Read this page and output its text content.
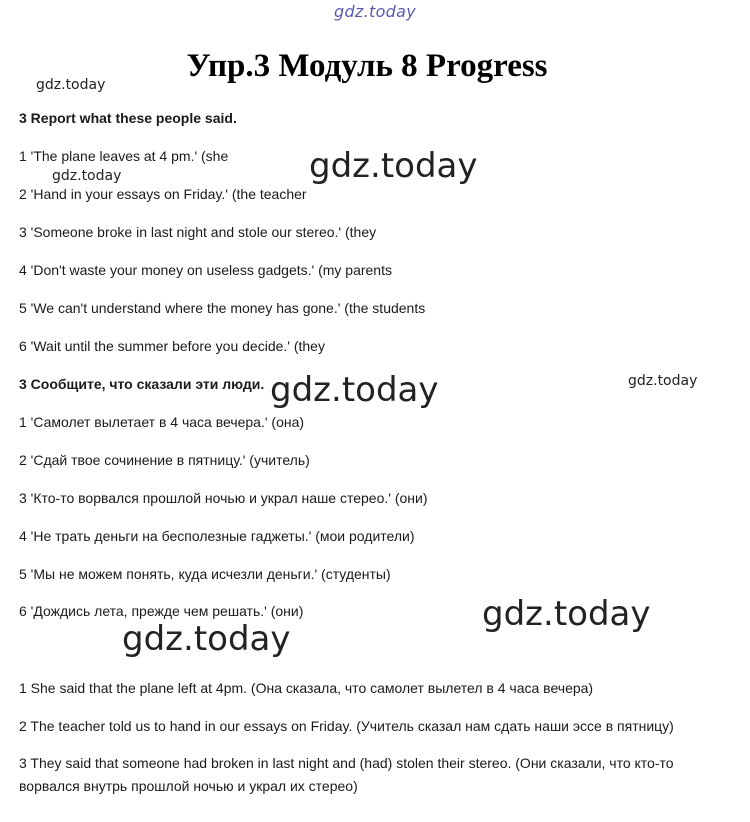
gdz.today
gdz.today
gdz.today
gdz.today
gdz.today
gdz.today
gdz.today
gdz.today
Упр.3 Модуль 8 Progress
3 Report what these people said.
1 'The plane leaves at 4 pm.' (she
2 'Hand in your essays on Friday.' (the teacher
3 'Someone broke in last night and stole our stereo.' (they
4 'Don't waste your money on useless gadgets.' (my parents
5 'We can't understand where the money has gone.' (the students
6 'Wait until the summer before you decide.' (they
3 Сообщите, что сказали эти люди.
1 'Самолет вылетает в 4 часа вечера.' (она)
2 'Сдай твое сочинение в пятницу.' (учитель)
3 'Кто-то ворвался прошлой ночью и украл наше стерео.' (они)
4 'Не трать деньги на бесполезные гаджеты.' (мои родители)
5 'Мы не можем понять, куда исчезли деньги.' (студенты)
6 'Дождись лета, прежде чем решать.' (они)
1 She said that the plane left at 4pm. (Она сказала, что самолет вылетел в 4 часа вечера)
2 The teacher told us to hand in our essays on Friday. (Учитель сказал нам сдать наши эссе в пятницу)
3 They said that someone had broken in last night and (had) stolen their stereo. (Они сказали, что кто-то ворвался внутрь прошлой ночью и украл их стерео)
